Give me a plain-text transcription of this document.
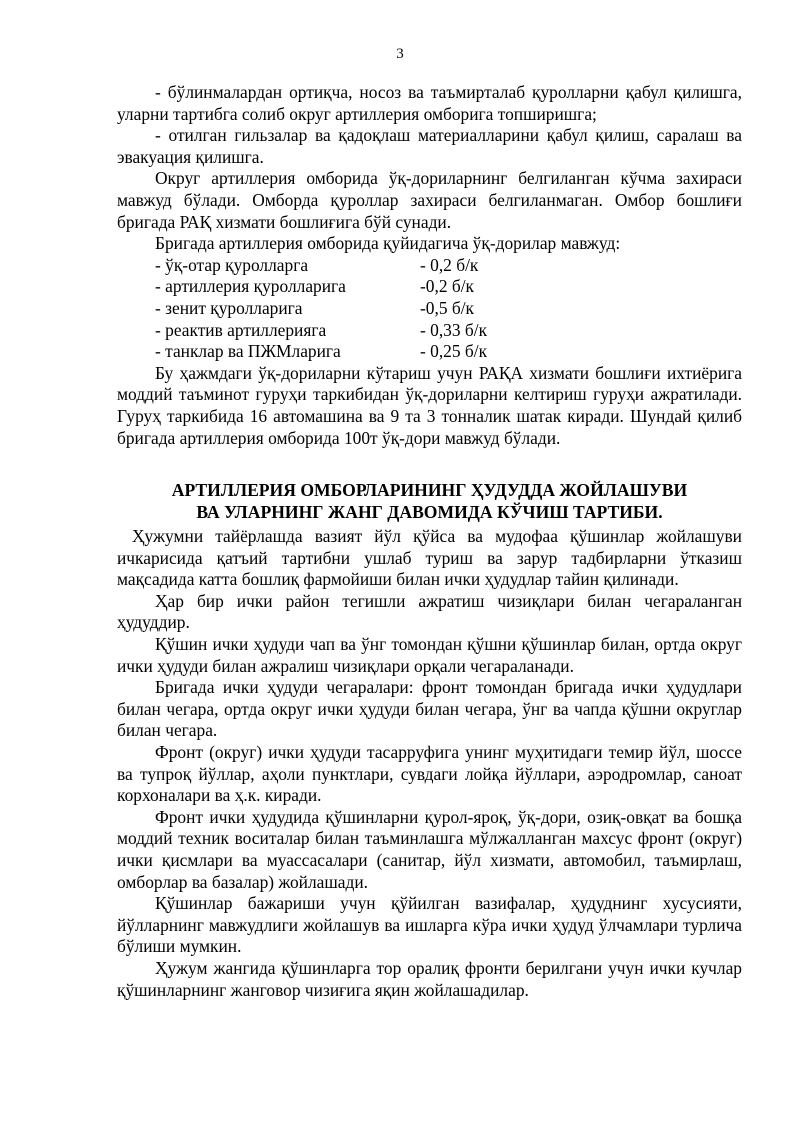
3

- бўлинмалардан ортиқча, носоз ва таъмирталаб қуролларни қабул қилишга, уларни тартибга солиб округ артиллерия омборига топширишга;

- отилган гильзалар ва қадоқлаш материалларини қабул қилиш, саралаш ва эвакуация қилишга.

Округ артиллерия омборида ўқ-дориларнинг белгиланган кўчма захираси мавжуд бўлади. Омборда қуроллар захираси белгиланмаган. Омбор бошлиғи бригада РАҚ хизмати бошлиғига бўй сунади.

Бригада артиллерия омборида қуйидагича ўқ-дорилар мавжуд:

- ўқ-отар қуролларга	- 0,2 б/к
- артиллерия қуролларига	-0,2 б/к
- зенит қуролларига	-0,5 б/к
- реактив артиллерияга	- 0,33 б/к
- танклар ва ПЖМларига	- 0,25 б/к

Бу ҳажмдаги ўқ-дориларни кўтариш учун РАҚА хизмати бошлиғи ихтиёрига моддий таъминот гуруҳи таркибидан ўқ-дориларни келтириш гуруҳи ажратилади. Гуруҳ таркибида 16 автомашина ва 9 та 3 тонналик шатак киради. Шундай қилиб бригада артиллерия омборида 100т ўқ-дори мавжуд бўлади.

АРТИЛЛЕРИЯ ОМБОРЛАРИНИНГ ҲУДУДДА ЖОЙЛАШУВИ
ВА УЛАРНИНГ ЖАНГ ДАВОМИДА КЎЧИШ ТАРТИБИ.

Ҳужумни тайёрлашда вазият йўл қўйса ва мудофаа қўшинлар жойлашуви ичкарисида қатъий тартибни ушлаб туриш ва зарур тадбирларни ўтказиш мақсадида катта бошлиқ фармойиши билан ички ҳудудлар тайин қилинади.

Ҳар бир ички район тегишли ажратиш чизиқлари билан чегараланган ҳудуддир.

Қўшин ички ҳудуди чап ва ўнг томондан қўшни қўшинлар билан, ортда округ ички ҳудуди билан ажралиш чизиқлари орқали чегараланади.

Бригада ички ҳудуди чегаралари: фронт томондан бригада ички ҳудудлари билан чегара, ортда округ ички ҳудуди билан чегара, ўнг ва чапда қўшни округлар билан чегара.

Фронт (округ) ички ҳудуди тасарруфига унинг муҳитидаги темир йўл, шоссе ва тупроқ йўллар, аҳоли пунктлари, сувдаги лойқа йўллари, аэродромлар, саноат корхоналари ва ҳ.к. киради.

Фронт ички ҳудудида қўшинларни қурол-яроқ, ўқ-дори, озиқ-овқат ва бошқа моддий техник воситалар билан таъминлашга мўлжалланган махсус фронт (округ) ички қисмлари ва муассасалари (санитар, йўл хизмати, автомобил, таъмирлаш, омборлар ва базалар) жойлашади.

Қўшинлар бажариши учун қўйилган вазифалар, ҳудуднинг хусусияти, йўлларнинг мавжудлиги жойлашув ва ишларга кўра ички ҳудуд ўлчамлари турлича бўлиши мумкин.

Ҳужум жангида қўшинларга тор оралиқ фронти берилгани учун ички кучлар қўшинларнинг жанговор чизиғига яқин жойлашадилар.
